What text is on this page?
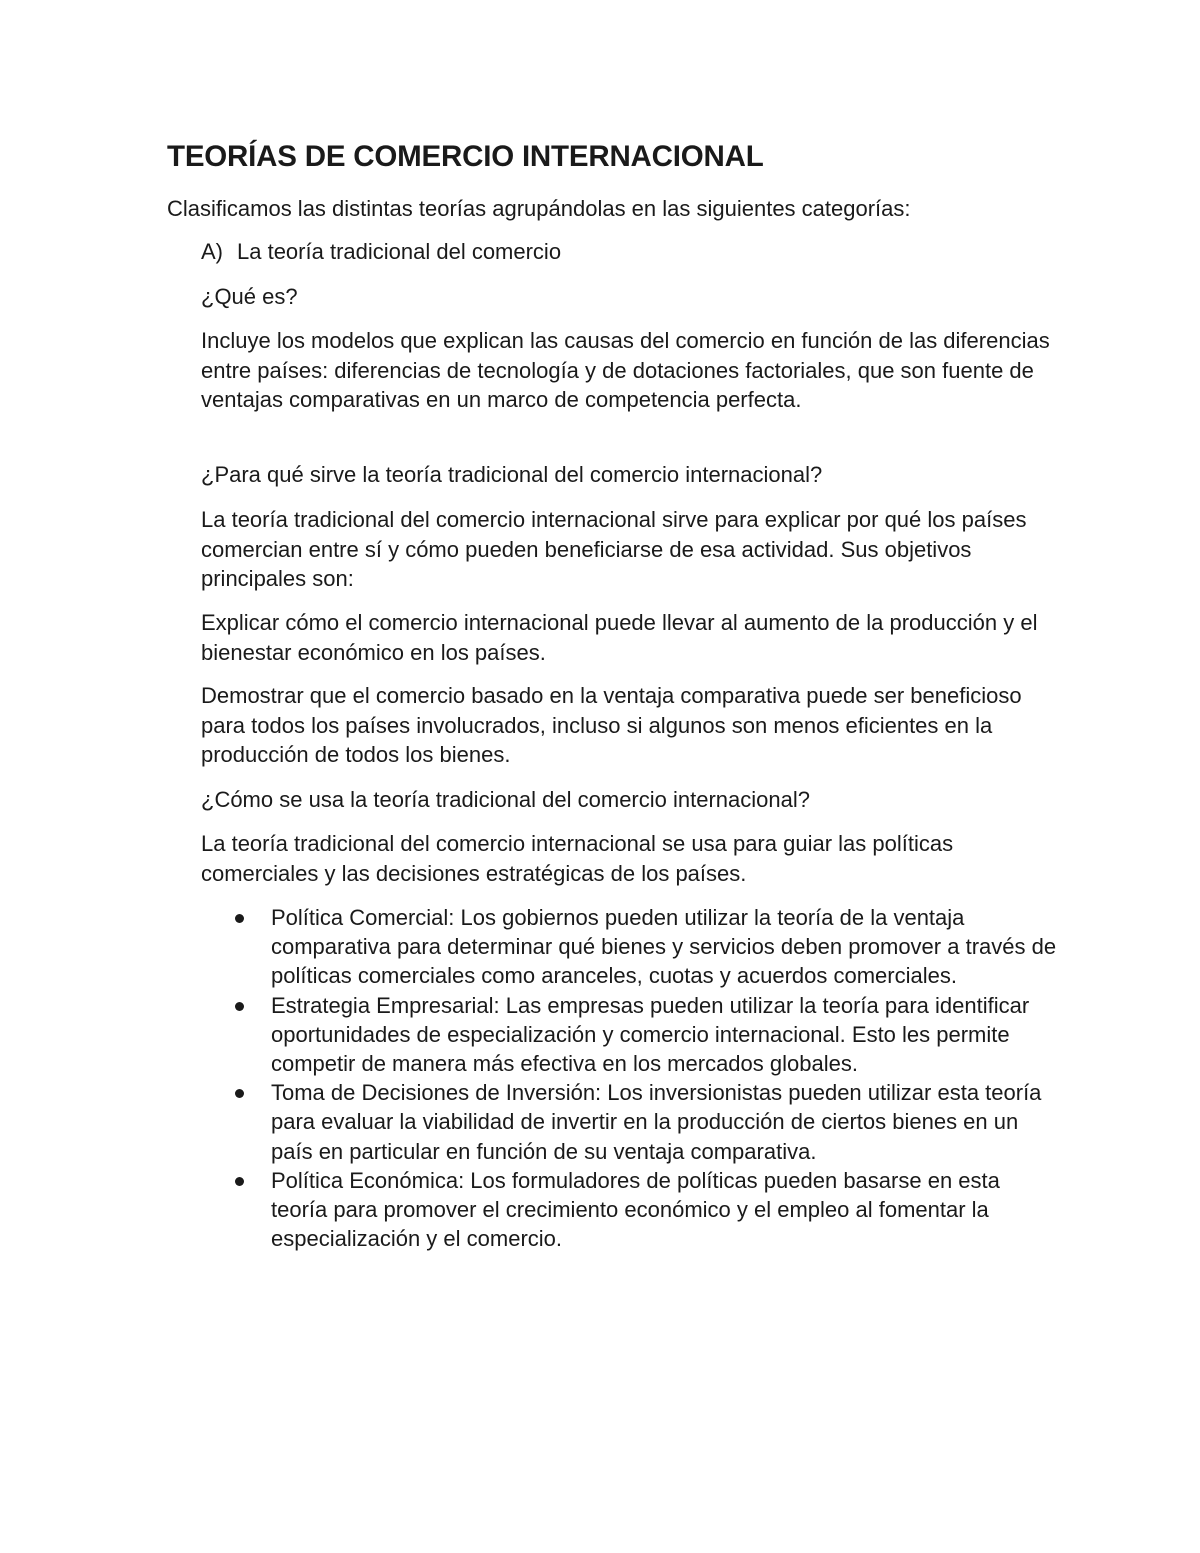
TEORÍAS DE COMERCIO INTERNACIONAL

Clasificamos las distintas teorías agrupándolas en las siguientes categorías:

A) La teoría tradicional del comercio

¿Qué es?

Incluye los modelos que explican las causas del comercio en función de las diferencias entre países: diferencias de tecnología y de dotaciones factoriales, que son fuente de ventajas comparativas en un marco de competencia perfecta.

¿Para qué sirve la teoría tradicional del comercio internacional?

La teoría tradicional del comercio internacional sirve para explicar por qué los países comercian entre sí y cómo pueden beneficiarse de esa actividad. Sus objetivos principales son:

Explicar cómo el comercio internacional puede llevar al aumento de la producción y el bienestar económico en los países.

Demostrar que el comercio basado en la ventaja comparativa puede ser beneficioso para todos los países involucrados, incluso si algunos son menos eficientes en la producción de todos los bienes.

¿Cómo se usa la teoría tradicional del comercio internacional?

La teoría tradicional del comercio internacional se usa para guiar las políticas comerciales y las decisiones estratégicas de los países.

Política Comercial: Los gobiernos pueden utilizar la teoría de la ventaja comparativa para determinar qué bienes y servicios deben promover a través de políticas comerciales como aranceles, cuotas y acuerdos comerciales.
Estrategia Empresarial: Las empresas pueden utilizar la teoría para identificar oportunidades de especialización y comercio internacional. Esto les permite competir de manera más efectiva en los mercados globales.
Toma de Decisiones de Inversión: Los inversionistas pueden utilizar esta teoría para evaluar la viabilidad de invertir en la producción de ciertos bienes en un país en particular en función de su ventaja comparativa.
Política Económica: Los formuladores de políticas pueden basarse en esta teoría para promover el crecimiento económico y el empleo al fomentar la especialización y el comercio.
